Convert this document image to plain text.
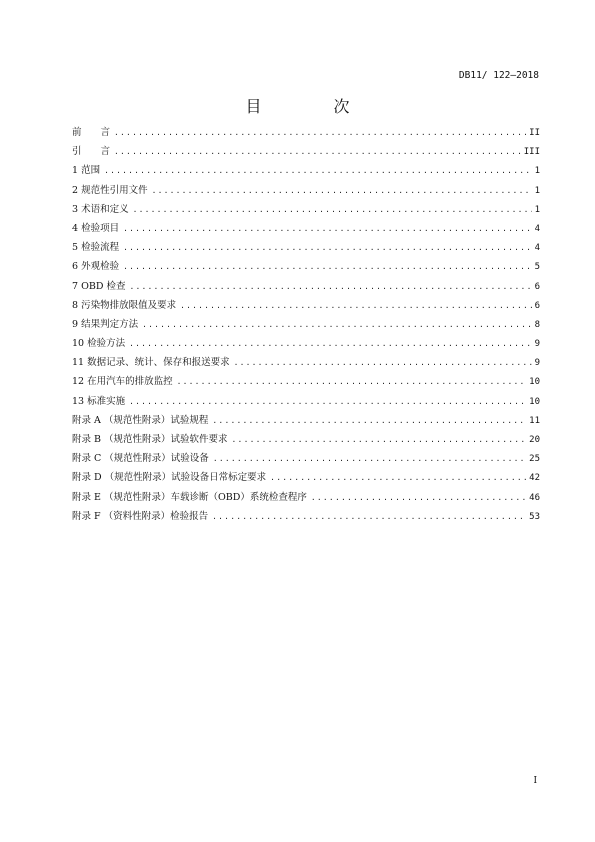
DB11/ 122—2018
目　次
前　　言 .....	II
引　　言 .....	III
1 范围 .....	1
2 规范性引用文件 .....	1
3 术语和定义 .....	1
4 检验项目 .....	4
5 检验流程 .....	4
6 外观检验 .....	5
7 OBD 检查 .....	6
8 污染物排放限值及要求 .....	6
9 结果判定方法 .....	8
10 检验方法 .....	9
11 数据记录、统计、保存和报送要求 .....	9
12 在用汽车的排放监控 .....	10
13 标准实施 .....	10
附录 A （规范性附录）试验规程 .....	11
附录 B （规范性附录）试验软件要求 .....	20
附录 C （规范性附录）试验设备 .....	25
附录 D （规范性附录）试验设备日常标定要求 .....	42
附录 E （规范性附录）车载诊断（OBD）系统检查程序 .....	46
附录 F （资料性附录）检验报告 .....	53
I
